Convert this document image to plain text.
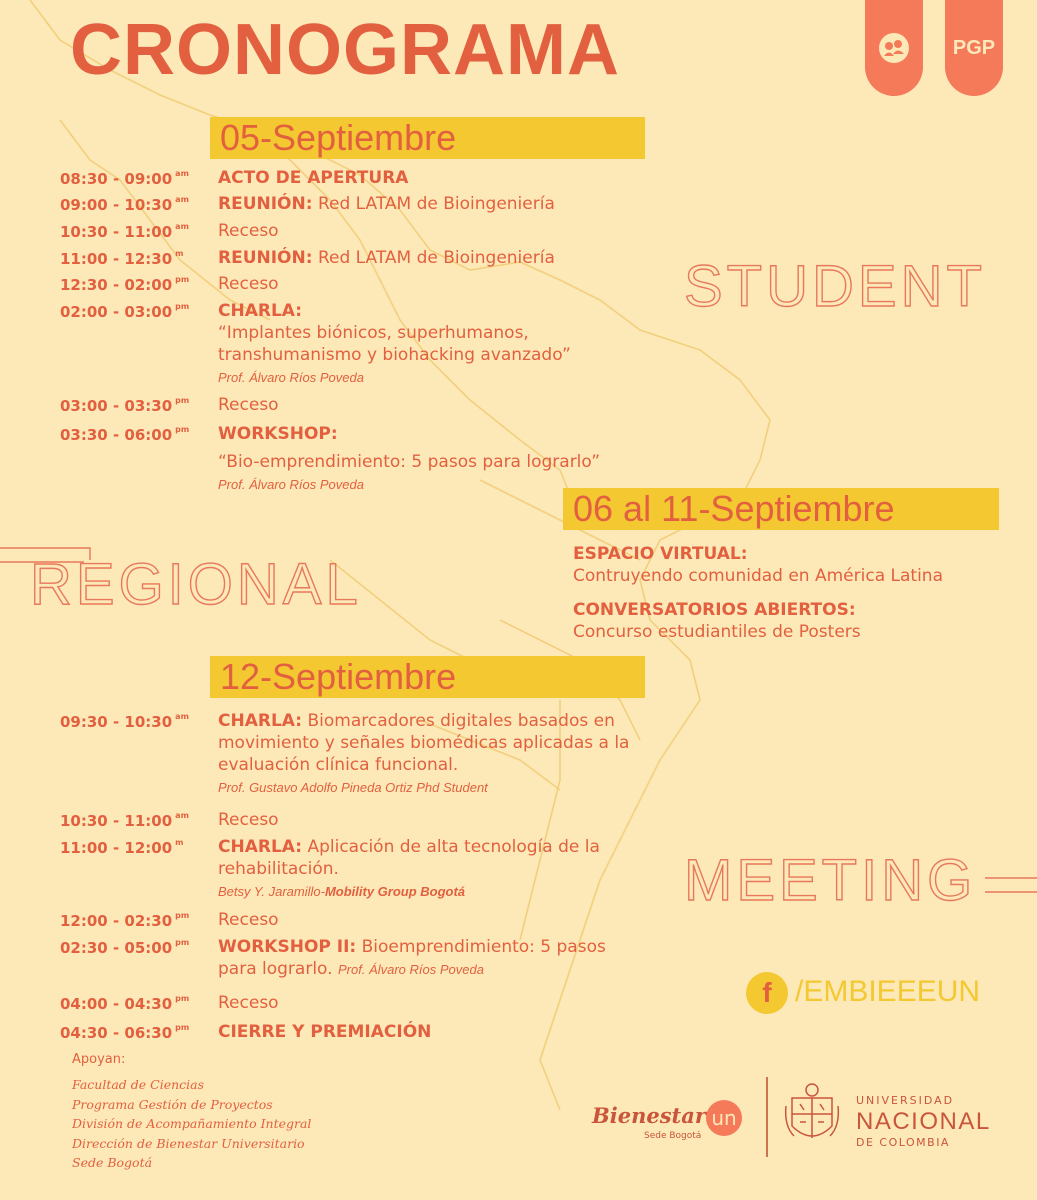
CRONOGRAMA	PGP
05-Septiembre
08:30 - 09:00 $^{am}$ ACTO DE APERTURA
09:00 - 10:30 $^{am}$ REUNIÓN: Red LATAM de Bioingeniería
10:30 - 11:00 $^{am}$ Receso
11:00 - 12:30 $^m$ REUNIÓN: Red LATAM de Bioingeniería
12:30 - 02:00 $^{pm}$ Receso
02:00 - 03:00 $^{pm}$ CHARLA:
“Implantes biónicos, superhumanos,
transhumanismo y biohacking avanzado”
Prof. Álvaro Ríos Poveda
03:00 - 03:30 $^{pm}$ Receso
03:30 - 06:00 $^{pm}$ WORKSHOP:
“Bio-emprendimiento: 5 pasos para lograrlo”
Prof. Álvaro Ríos Poveda
STUDENT
REGIONAL
MEETING
06 al 11-Septiembre
ESPACIO VIRTUAL:
Contruyendo comunidad en América Latina
CONVERSATORIOS ABIERTOS:
Concurso estudiantiles de Posters
12-Septiembre
09:30 - 10:30 $^{am}$ CHARLA: Biomarcadores digitales basados en
movimiento y señales biomédicas aplicadas a la
evaluación clínica funcional.
Prof. Gustavo Adolfo Pineda Ortiz Phd Student
10:30 - 11:00 $^{am}$ Receso
11:00 - 12:00 $^m$ CHARLA: Aplicación de alta tecnología de la
rehabilitación.
Betsy Y. Jaramillo-Mobility Group Bogotá
12:00 - 02:30 $^{pm}$ Receso
02:30 - 05:00 $^{pm}$ WORKSHOP II: Bioemprendimiento: 5 pasos
para lograrlo. Prof. Álvaro Ríos Poveda
04:00 - 04:30 $^{pm}$ Receso
04:30 - 06:30 $^{pm}$ CIERRE Y PREMIACIÓN
f /EMBIEEEUN
Apoyan:
Facultad de Ciencias
Programa Gestión de Proyectos
División de Acompañamiento Integral
Dirección de Bienestar Universitario
Sede Bogotá
Bienestar un
Sede Bogotá
UNIVERSIDAD
NACIONAL
DE COLOMBIA
